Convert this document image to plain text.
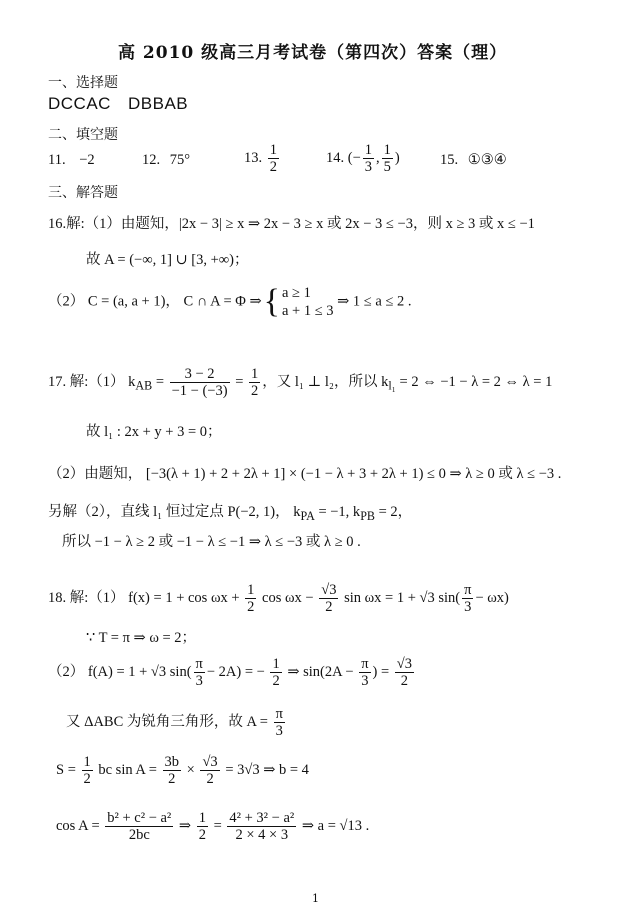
高 2010 级高三月考试卷（第四次）答案（理）
一、选择题
DCCAC DBBAB
二、填空题
11. −2	12. 75°	13. $\frac{1}{2}$	14. (− $\frac{1}{3}$ , $\frac{1}{5}$ )	15. ①③④
三、解答题
16.解:（1）由题知，|2x − 3| ≥ x ⇒ 2x − 3 ≥ x 或 2x − 3 ≤ −3，则 x ≥ 3 或 x ≤ −1
故 A = (−∞, 1] ∪ [3, +∞)；
（2） C = (a, a + 1)， C ∩ A = Φ ⇒{ a ≥ 1
a + 1 ≤ 3
⇒ 1 ≤ a ≤ 2 .
17. 解:（1） $k_{AB} = \frac{3 - 2}{-1 - (-3)} = \frac{1}{2}$ ，又 l₁ ⊥ l₂，所以 $k_{l_1} = 2$ ⇔ −1 − λ = 2 ⇔ λ = 1
故 l₁ : 2x + y + 3 = 0；
（2）由题知， [−3(λ + 1) + 2 + 2λ + 1] × (−1 − λ + 3 + 2λ + 1) ≤ 0 ⇒ λ ≥ 0 或 λ ≤ −3 .
另解（2），直线 l₁ 恒过定点 P(−2, 1)， $k_{PA} = -1$, $k_{PB} = 2$，
所以 −1 − λ ≥ 2 或 −1 − λ ≤ −1 ⇒ λ ≤ −3 或 λ ≥ 0 .
18. 解:（1） $f(x) = 1 + \cos \omega x + \frac{1}{2}$ $\cos \omega x - \frac{√3}{2}$ sin ωx = 1 + √3 $\sin( \frac{\pi}{3} - \omega x)$
∵ T = π ⇒ ω = 2；
（2） f(A) = 1 + √3 $\sin( \frac{\pi}{3} - 2A)$ = − $\frac{1}{2}$ ⇒ $\sin(2A - \frac{\pi}{3}$ ) = $\frac{√3}{2}$
又 ΔABC 为锐角三角形，故 $A = \frac{\pi}{3}$
$S = \frac{1}{2}$ bc $\sin A = \frac{3b}{2} \times \frac{√3}{2} = 3√3$ ⇒ b = 4
$\cos A = \frac{\text{b² + c² − a²}}{2bc}$ ⇒ $\frac{1}{2} = \frac{\text{4² + 3² − a²}}{2 \times 4 \times 3}$ ⇒ a = √13 .
1
